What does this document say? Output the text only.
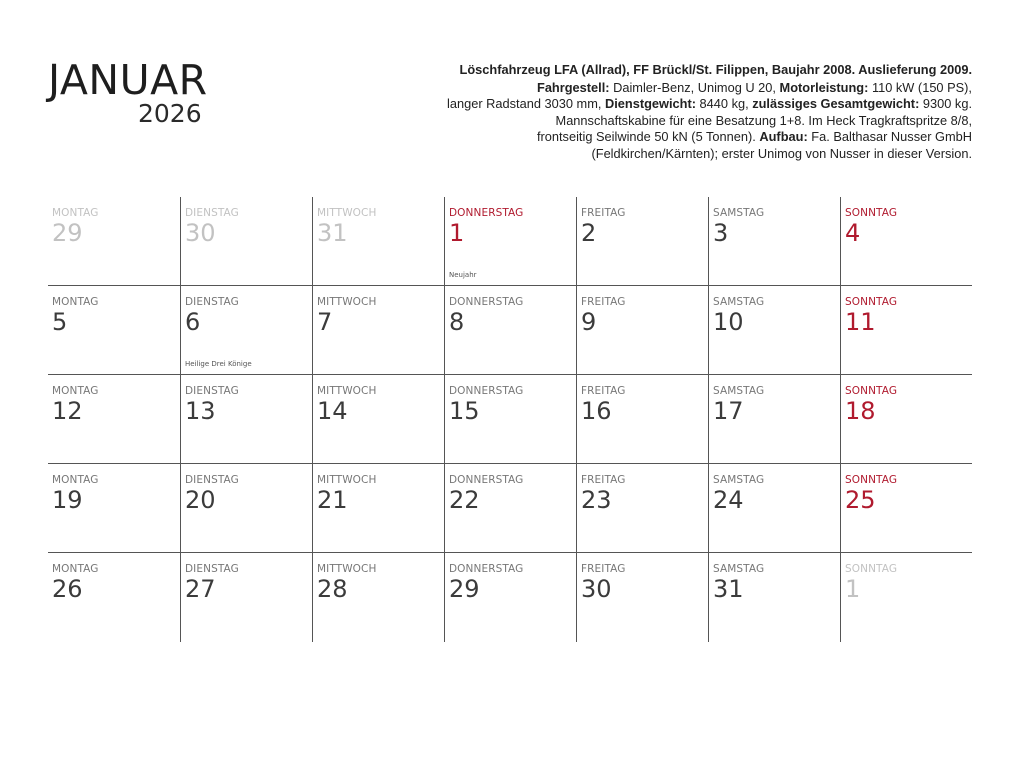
JANUAR
2026
Löschfahrzeug LFA (Allrad), FF Brückl/St. Filippen, Baujahr 2008. Auslieferung 2009.
Fahrgestell: Daimler-Benz, Unimog U 20, Motorleistung: 110 kW (150 PS),
langer Radstand 3030 mm, Dienstgewicht: 8440 kg, zulässiges Gesamtgewicht: 9300 kg.
Mannschaftskabine für eine Besatzung 1+8. Im Heck Tragkraftspritze 8/8,
frontseitig Seilwinde 50 kN (5 Tonnen). Aufbau: Fa. Balthasar Nusser GmbH
(Feldkirchen/Kärnten); erster Unimog von Nusser in dieser Version.
MONTAG
29
DIENSTAG
30
MITTWOCH
31
DONNERSTAG
1
Neujahr
FREITAG
2
SAMSTAG
3
SONNTAG
4
MONTAG
5
DIENSTAG
6
Heilige Drei Könige
MITTWOCH
7
DONNERSTAG
8
FREITAG
9
SAMSTAG
10
SONNTAG
11
MONTAG
12
DIENSTAG
13
MITTWOCH
14
DONNERSTAG
15
FREITAG
16
SAMSTAG
17
SONNTAG
18
MONTAG
19
DIENSTAG
20
MITTWOCH
21
DONNERSTAG
22
FREITAG
23
SAMSTAG
24
SONNTAG
25
MONTAG
26
DIENSTAG
27
MITTWOCH
28
DONNERSTAG
29
FREITAG
30
SAMSTAG
31
SONNTAG
1
